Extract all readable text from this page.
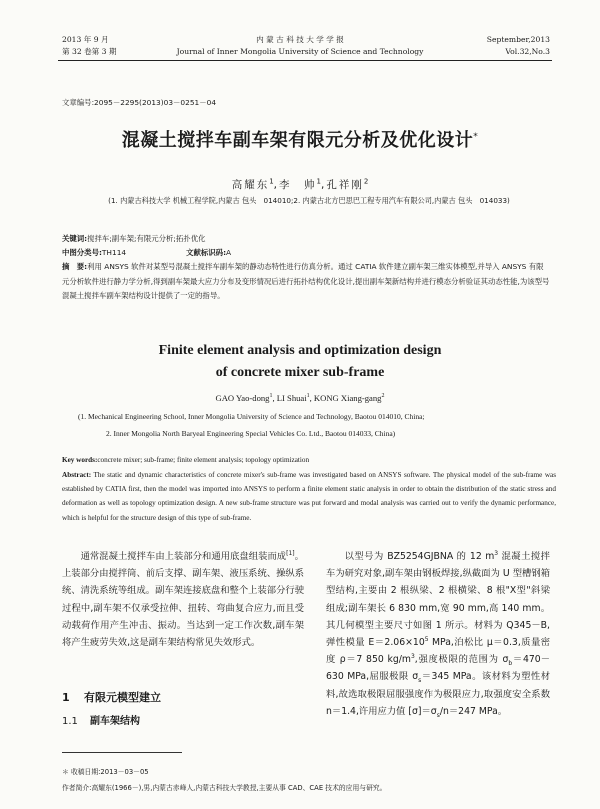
2013 年 9 月
第 32 卷第 3 期
内 蒙 古 科 技 大 学 学 报
Journal of Inner Mongolia University of Science and Technology
September,2013
Vol.32,No.3
文章编号:2095－2295(2013)03－0251－04
混凝土搅拌车副车架有限元分析及优化设计*
高耀东$^1$,李　帅$^1$,孔祥刚$^2$
(1. 内蒙古科技大学 机械工程学院,内蒙古 包头　014010;2. 内蒙古北方巴思巴工程专用汽车有限公司,内蒙古 包头　014033)
关键词:搅拌车;副车架;有限元分析;拓扑优化
中图分类号:TH114	文献标识码:A
摘　要:利用 ANSYS 软件对某型号混凝土搅拌车副车架的静动态特性进行仿真分析。通过 CATIA 软件建立副车架三维实体模型,并导入 ANSYS 有限元分析软件进行静力学分析,得到副车架最大应力分布及变形情况后进行拓扑结构优化设计,提出副车架新结构并进行模态分析验证其动态性能,为该型号混凝土搅拌车副车架结构设计提供了一定的指导。
Finite element analysis and optimization design
of concrete mixer sub-frame
GAO Yao-dong$^1$, LI Shuai$^1$, KONG Xiang-gang$^2$
(1. Mechanical Engineering School, Inner Mongolia University of Science and Technology, Baotou 014010, China;
2. Inner Mongolia North Baryeal Engineering Special Vehicles Co. Ltd., Baotou 014033, China)
Key words:concrete mixer; sub-frame; finite element analysis; topology optimization
Abstract: The static and dynamic characteristics of concrete mixer's sub-frame was investigated based on ANSYS software. The physical model of the sub-frame was established by CATIA first, then the model was imported into ANSYS to perform a finite element static analysis in order to obtain the distribution of the static stress and deformation as well as topology optimization design. A new sub-frame structure was put forward and modal analysis was carried out to verify the dynamic performance, which is helpful for the structure design of this type of sub-frame.
通常混凝土搅拌车由上装部分和通用底盘组装而成[1]。上装部分由搅拌筒、前后支撑、副车架、液压系统、操纵系统、清洗系统等组成。副车架连接底盘和整个上装部分行驶过程中,副车架不仅承受拉伸、扭转、弯曲复合应力,而且受动载荷作用产生冲击、振动。当达到一定工作次数,副车架将产生疲劳失效,这是副车架结构常见失效形式。
1 有限元模型建立
1.1 副车架结构
以型号为 BZ5254GJBNA 的 12 $m^3$ 混凝土搅拌车为研究对象,副车架由钢板焊接,纵截面为 U 型槽钢箱型结构,主要由 2 根纵梁、2 根横梁、8 根"X型"斜梁组成;副车架长 6 830 mm,宽 90 mm,高 140 mm。其几何模型主要尺寸如图 1 所示。材料为 Q345－B,弹性模量 $E=2.06\times 10^5$ MPa,泊松比 μ＝0.3,质量密度 ρ＝7 850 $kg/m^3$,强度极限的范围为 $\sigma_b=470-630$ MPa,屈服极限 $\sigma_s=345$ MPa。该材料为塑性材料,故选取极限屈服强度作为极限应力,取强度安全系数 n＝1.4,许用应力值 $[\sigma]=\sigma_s/n=247$ MPa。
＊ 收稿日期:2013－03－05
作者简介:高耀东(1966－),男,内蒙古赤峰人,内蒙古科技大学教授,主要从事 CAD、CAE 技术的应用与研究。
